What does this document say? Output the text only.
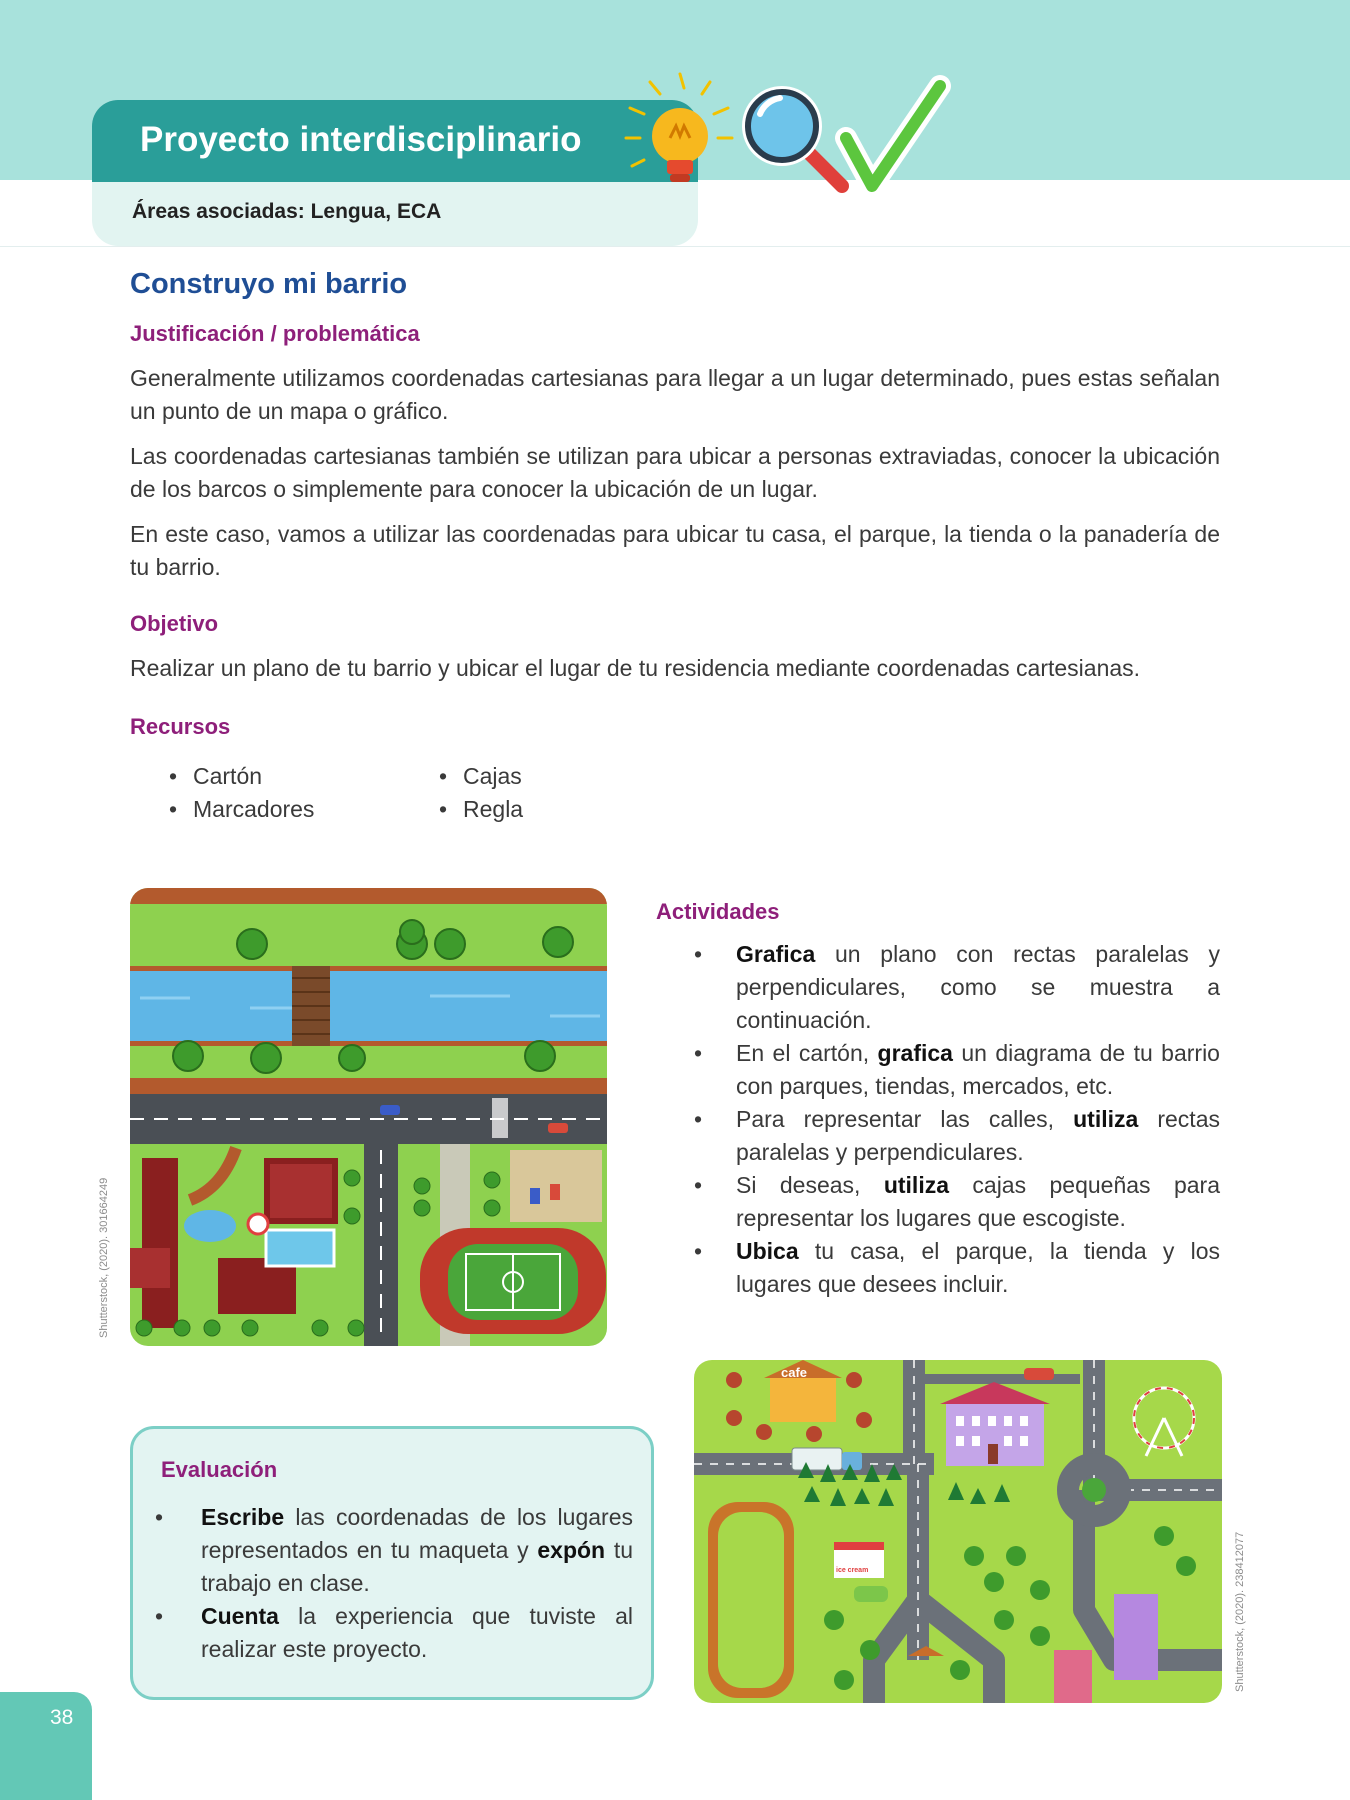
Proyecto interdisciplinario
Áreas asociadas: Lengua, ECA
Construyo mi barrio
Justificación / problemática
Generalmente utilizamos coordenadas cartesianas para llegar a un lugar determinado, pues estas señalan un punto de un mapa o gráfico.
Las coordenadas cartesianas también se utilizan para ubicar a personas extraviadas, conocer la ubicación de los barcos o simplemente para conocer la ubicación de un lugar.
En este caso, vamos a utilizar las coordenadas para ubicar tu casa, el parque, la tienda o la panadería de tu barrio.
Objetivo
Realizar un plano de tu barrio y ubicar el lugar de tu residencia mediante coordenadas cartesianas.
Recursos
• Cartón
• Marcadores
• Cajas
• Regla
Shutterstock, (2020). 301664249
Actividades
• Grafica un plano con rectas paralelas y perpendiculares, como se muestra a continuación.
• En el cartón, grafica un diagrama de tu barrio con parques, tiendas, mercados, etc.
• Para representar las calles, utiliza rectas paralelas y perpendiculares.
• Si deseas, utiliza cajas pequeñas para representar los lugares que escogiste.
• Ubica tu casa, el parque, la tienda y los lugares que desees incluir.
cafe
ice cream	Shutterstock, (2020). 238412077
Evaluación
• Escribe las coordenadas de los lugares representados en tu maqueta y expón tu trabajo en clase.
• Cuenta la experiencia que tuviste al realizar este proyecto.
38
